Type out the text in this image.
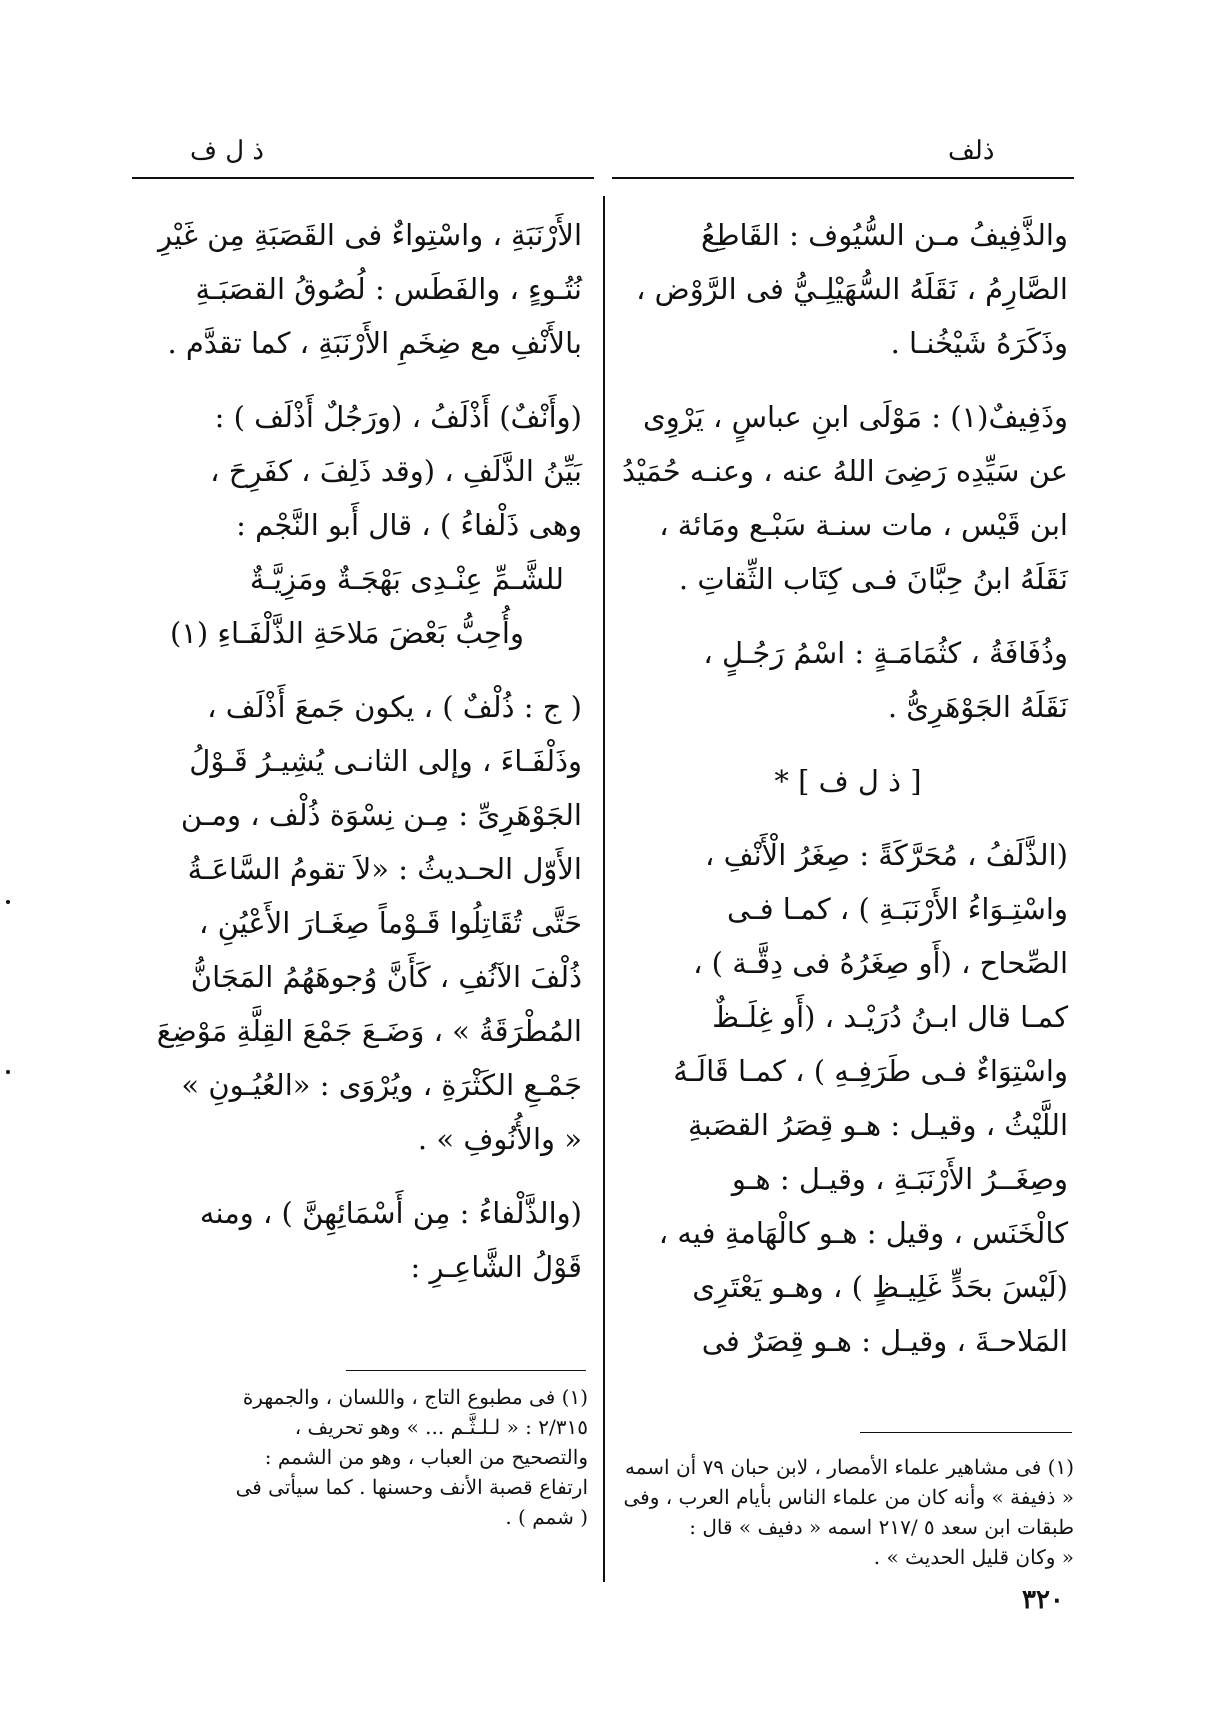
ذلف
ذ ل ف
والذَّفِيفُ مـن السُّيُوف : القَاطِعُ
الصَّارِمُ ، نَقَلَهُ السُّهَيْلِـيُّ فى الرَّوْض ،
وذَكَرَهُ شَيْخُنـا .
وذَفِيفٌ(١) : مَوْلَى ابنِ عباسٍ ، يَرْوِى
عن سَيِّدِه رَضِىَ اللهُ عنه ، وعنـه حُمَيْدُ
ابن قَيْس ، مات سنـة سَبْـع ومَائة ،
نَقَلَهُ ابنُ حِبَّانَ فـى كِتَاب الثِّقاتِ .
وذُفَافَةُ ، كثُمَامَـةٍ : اسْمُ رَجُـلٍ ،
نَقَلَهُ الجَوْهَرِىُّ .
[ ذ ل ف ] *
(الذَّلَفُ ، مُحَرَّكَةً : صِغَرُ الْأَنْفِ ،
واسْتِـوَاءُ الأَرْنَبَـةِ ) ، كمـا فـى
الصِّحاح ، (أَو صِغَرُهُ فى دِقَّـة ) ،
كمـا قال ابـنُ دُرَيْـد ، (أَو غِلَـظٌ
واسْتِوَاءٌ فـى طَرَفِـهِ ) ، كمـا قَالَـهُ
اللَّيْثُ ، وقيـل : هـو قِصَرُ القصَبةِ
وصِغَــرُ الأَرْنَبَـةِ ، وقيـل : هـو
كالْخَنَس ، وقيل : هـو كالْهَامةِ فيه ،
(لَيْسَ بحَدٍّ غَلِيـظٍ ) ، وهـو يَعْتَرِى
المَلاحـةَ ، وقيـل : هـو قِصَرٌ فى
(١) فى مشاهير علماء الأمصار ، لابن حبان ٧٩ أن اسمه
« ذفيفة » وأنه كان من علماء الناس بأيام العرب ، وفى
طبقات ابن سعد ٥ /٢١٧ اسمه « دفيف » قال :
« وكان قليل الحديث » .
الأَرْنَبَةِ ، واسْتِواءٌ فى القَصَبَةِ مِن غَيْرِ
نُتُـوءٍ ، والفَطَس : لُصُوقُ القصَبَـةِ
بالأَنْفِ مع ضِخَمِ الأَرْنَبَةِ ، كما تقدَّم .
(وأَنْفٌ) أَذْلَفُ ، (ورَجُلٌ أَذْلَف ) :
بَيِّنُ الذَّلَفِ ، (وقد ذَلِفَ ، كفَرِحَ ،
وهى ذَلْفاءُ ) ، قال أَبو النَّجْم :
للشَّـمِّ عِنْـدِى بَهْجَـةٌ ومَزِيَّـةٌ
وأُحِبُّ بَعْضَ مَلاحَةِ الذَّلْفَـاءِ (١)
( ج : ذُلْفٌ ) ، يكون جَمعَ أَذْلَف ،
وذَلْفَـاءَ ، وإلى الثانـى يُشِيـرُ قَـوْلُ
الجَوْهَرِىِّ : مِـن نِسْوَة ذُلْف ، ومـن
الأَوّل الحـديثُ : «لاَ تقومُ السَّاعَـةُ
حَتَّى تُقَاتِلُوا قَـوْماً صِغَـارَ الأَعْيُنِ ،
ذُلْفَ الآنُفِ ، كَأَنَّ وُجوهَهُمُ المَجَانُّ
المُطْرَقَةُ » ، وَضَـعَ جَمْعَ القِلَّةِ مَوْضِعَ
جَمْـعِ الكَثْرَةِ ، ويُرْوَى : «العُيُـونِ »
« والأُنُوفِ » .
(والذَّلْفاءُ : مِن أَسْمَائِهِنَّ ) ، ومنه
قَوْلُ الشَّاعِـرِ :
(١) فى مطبوع التاج ، واللسان ، والجمهرة
٢/٣١٥ : « لـلـثَّـم ... » وهو تحريف ،
والتصحيح من العباب ، وهو من الشمم :
ارتفاع قصبة الأنف وحسنها . كما سيأتى فى
( شمم ) .
٣٢٠
